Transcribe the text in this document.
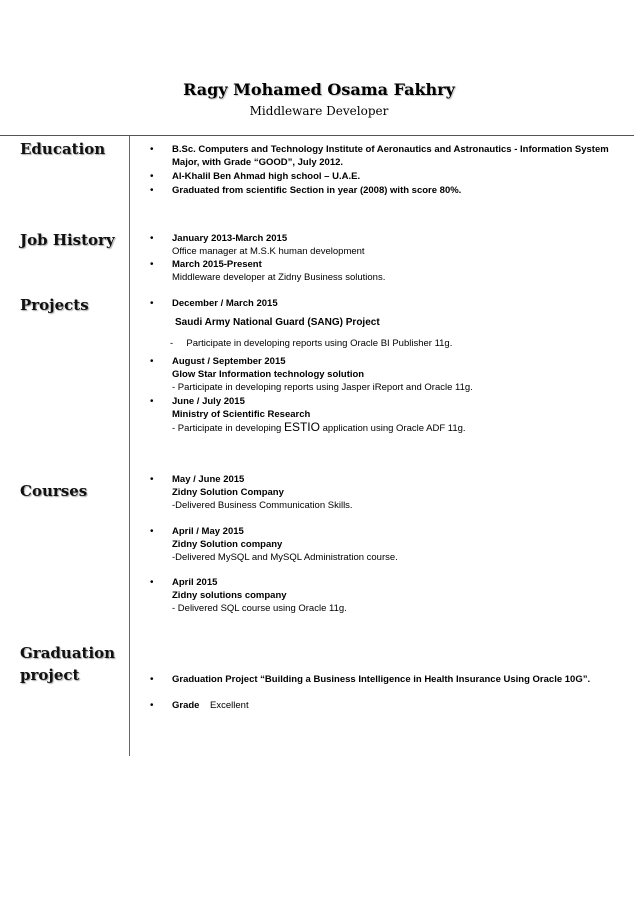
Ragy Mohamed Osama Fakhry
Middleware Developer
Education	• B.Sc. Computers and Technology Institute of Aeronautics and Astronautics - Information System Major, with Grade “GOOD”, July 2012.
• Al-Khalil Ben Ahmad high school – U.A.E.
• Graduated from scientific Section in year (2008) with score 80%.
Job History	• January 2013-March 2015
Office manager at M.S.K human development
• March 2015-Present
Middleware developer at Zidny Business solutions.
Projects	• December / March 2015
Saudi Army National Guard (SANG) Project
- Participate in developing reports using Oracle BI Publisher 11g.
• August / September 2015
Glow Star Information technology solution
- Participate in developing reports using Jasper iReport and Oracle 11g.
• June / July 2015
Ministry of Scientific Research
- Participate in developing ESTIO application using Oracle ADF 11g.
Courses
• May / June 2015
Zidny Solution Company
-Delivered Business Communication Skills.
• April / May 2015
Zidny Solution company
-Delivered MySQL and MySQL Administration course.
• April 2015
Zidny solutions company
- Delivered SQL course using Oracle 11g.
Graduation
project	• Graduation Project “Building a Business Intelligence in Health Insurance Using Oracle 10G”.
• Grade Excellent
